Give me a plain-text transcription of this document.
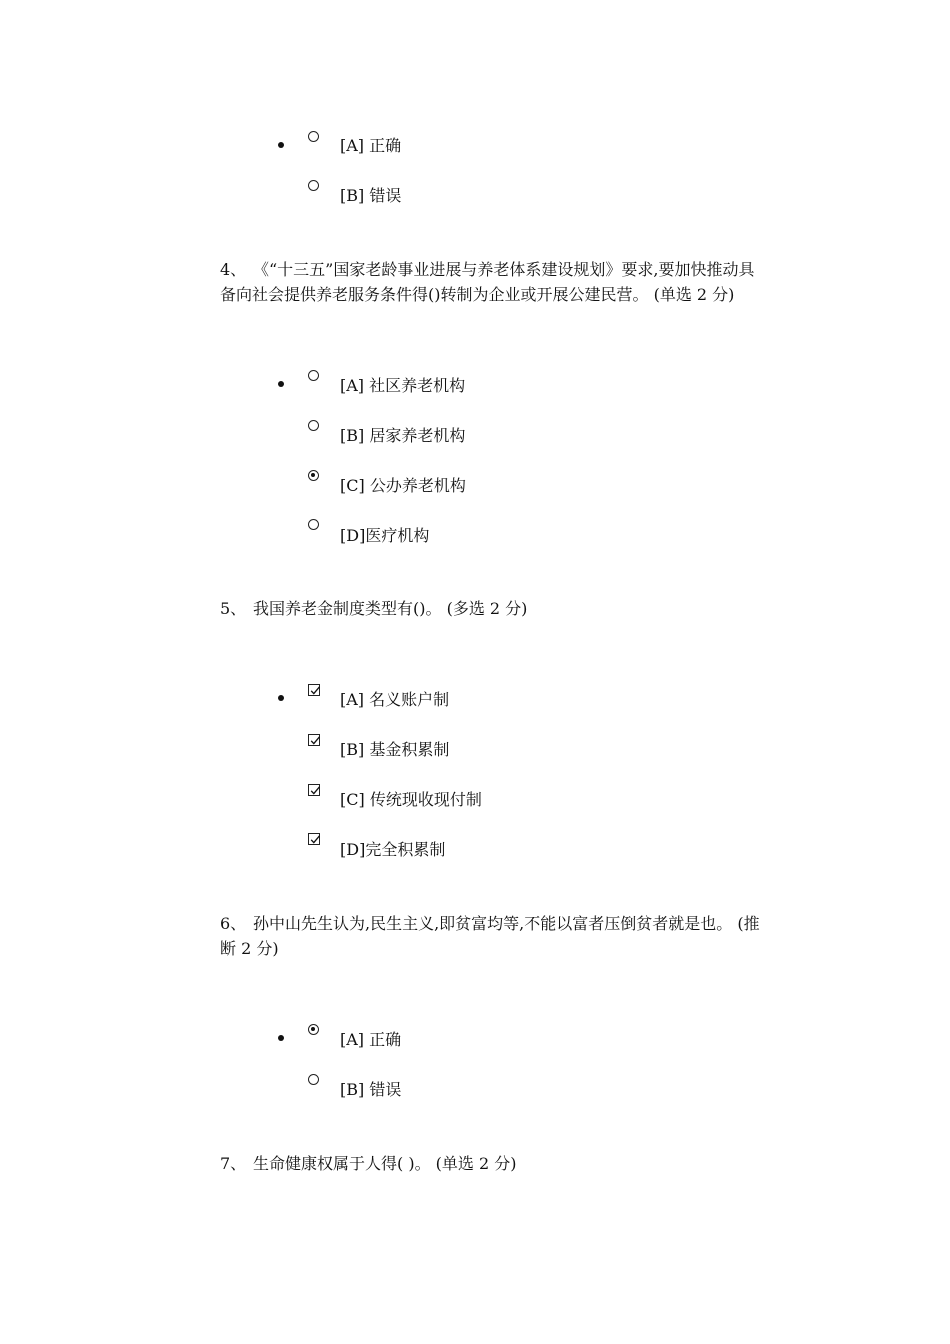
[A] 正确
[B] 错误
4、 《“十三五”国家老龄事业进展与养老体系建设规划》要求,要加快推动具
备向社会提供养老服务条件得()转制为企业或开展公建民营。 (单选 2 分)
[A] 社区养老机构
[B] 居家养老机构
[C] 公办养老机构
[D]医疗机构
5、 我国养老金制度类型有()。 (多选 2 分)
[A] 名义账户制
[B] 基金积累制
[C] 传统现收现付制
[D]完全积累制
6、 孙中山先生认为,民生主义,即贫富均等,不能以富者压倒贫者就是也。 (推
断 2 分)
[A] 正确
[B] 错误
7、 生命健康权属于人得( )。 (单选 2 分)
